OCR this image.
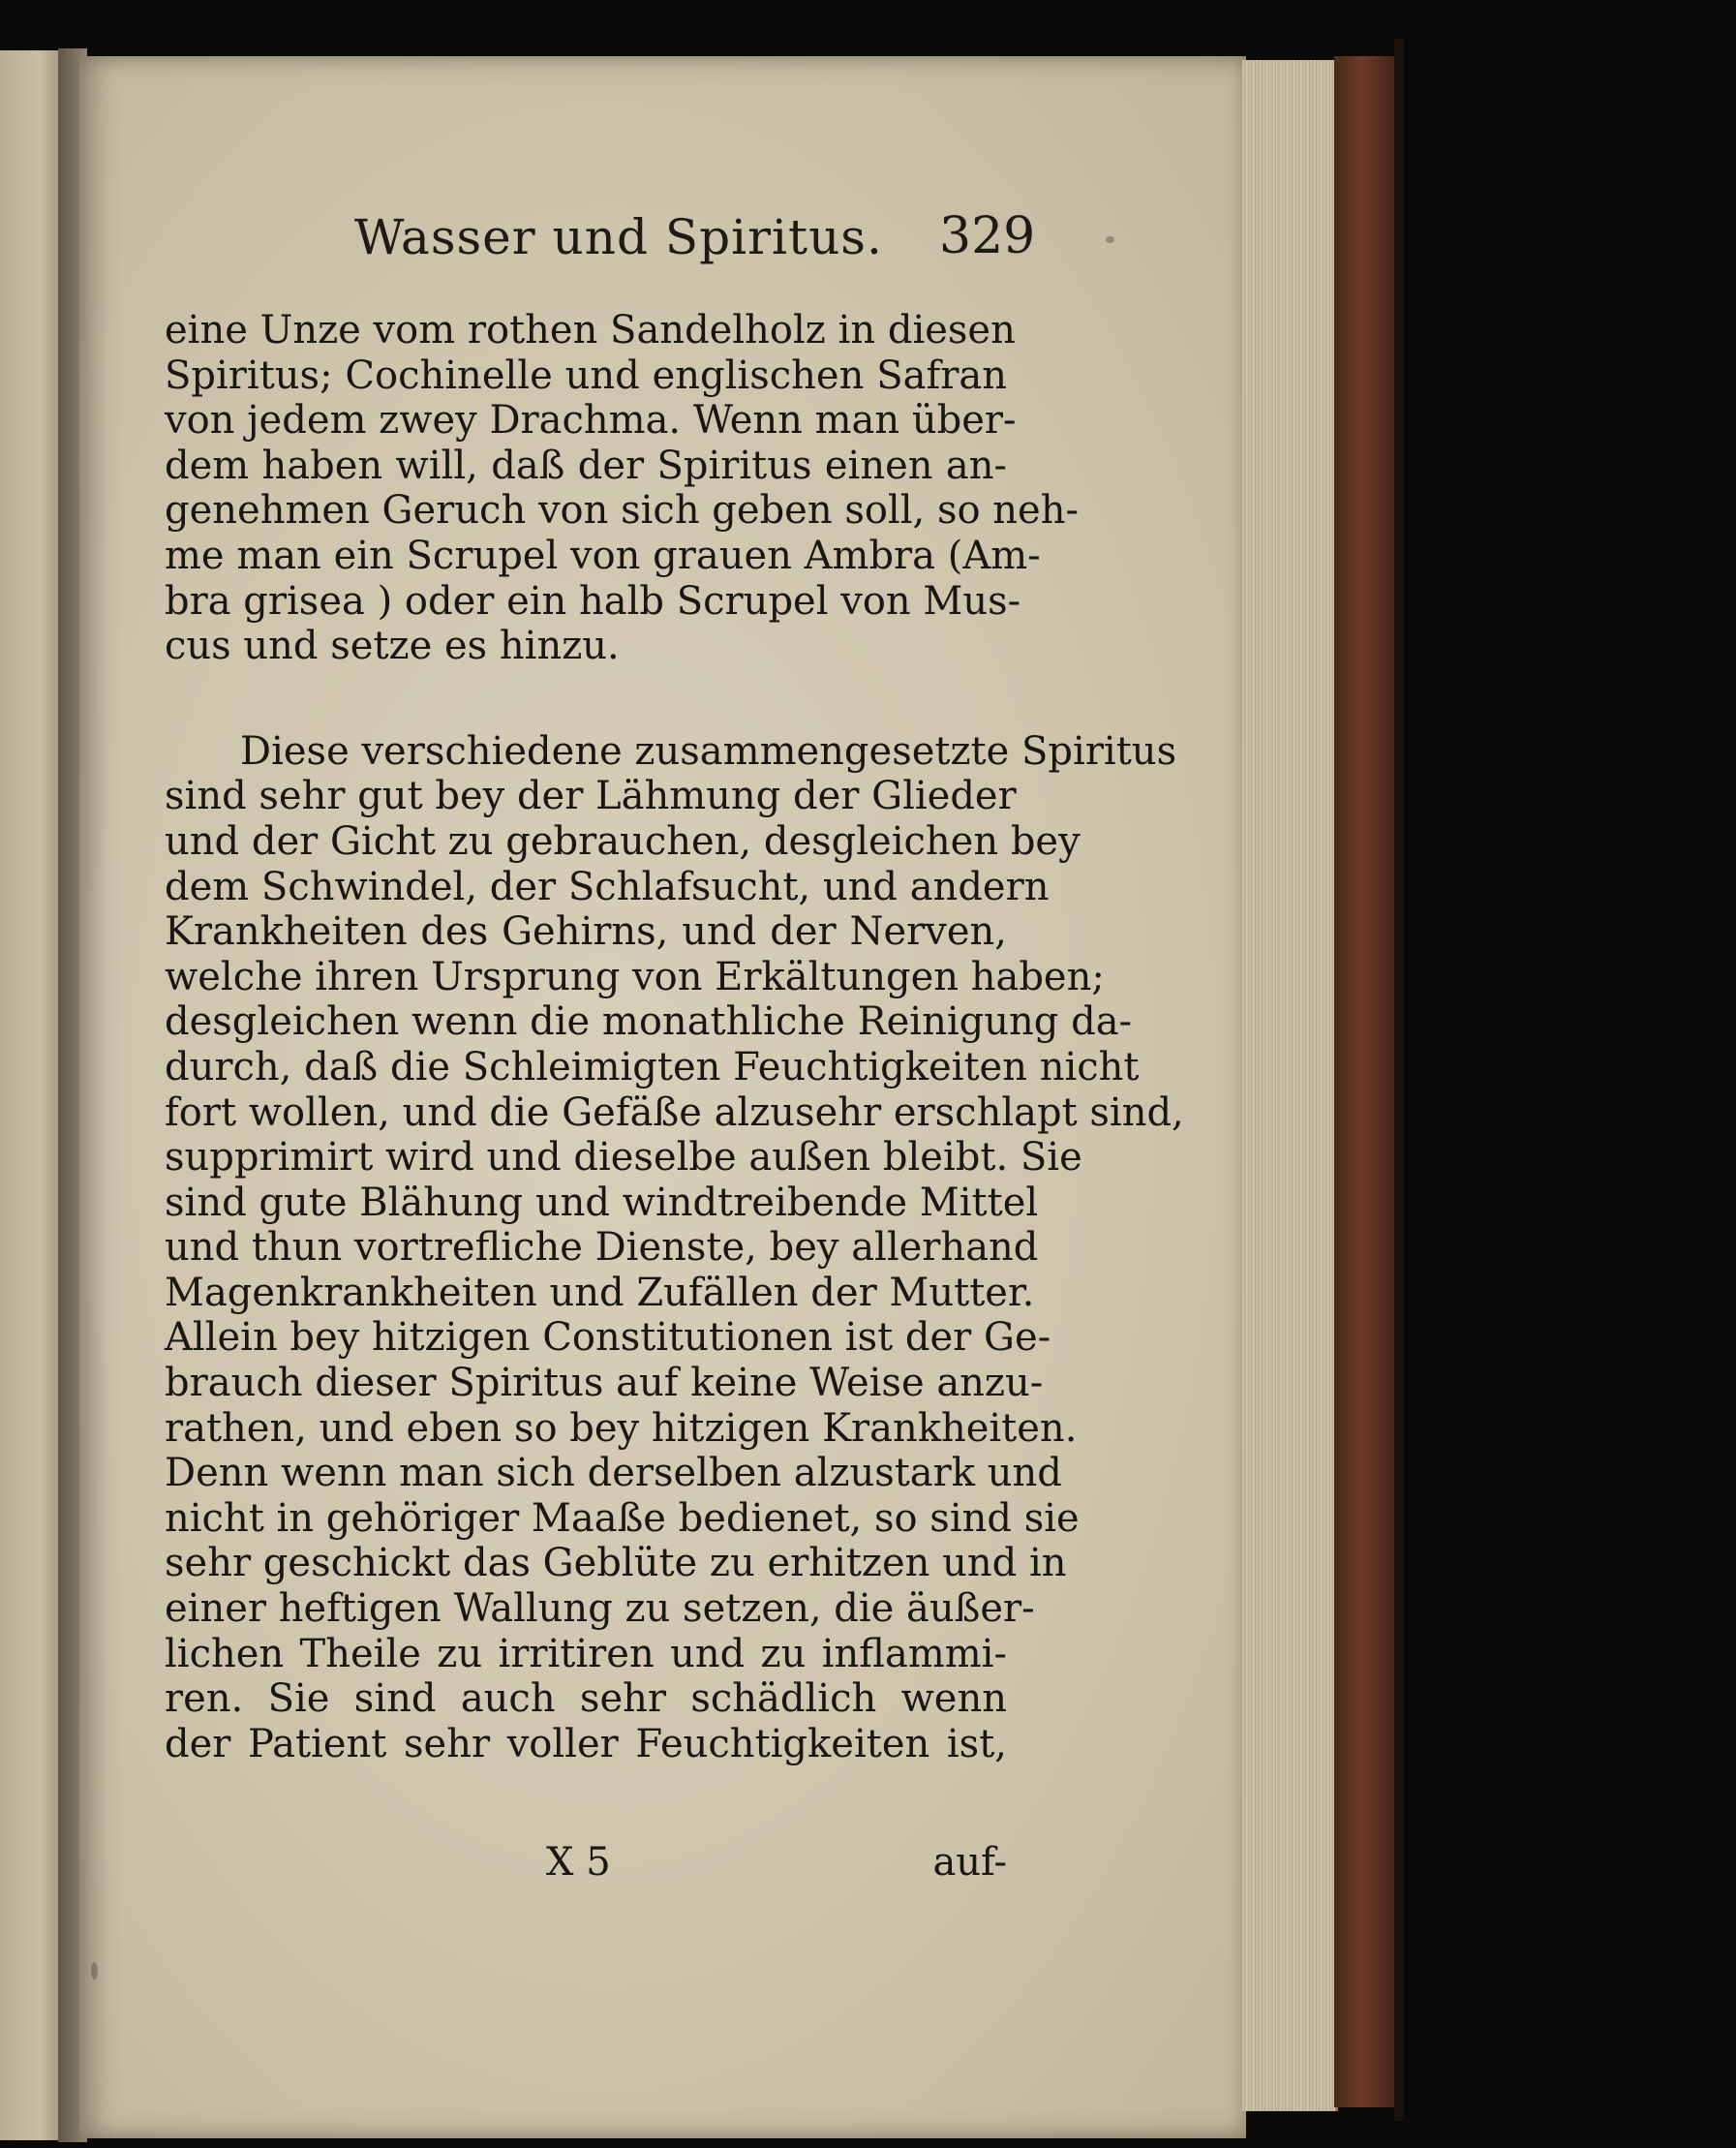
Wasser und Spiritus. 329
eine Unze vom rothen Sandelholz in diesen
Spiritus; Cochinelle und englischen Safran
von jedem zwey Drachma. Wenn man über-
dem haben will, daß der Spiritus einen an-
genehmen Geruch von sich geben soll, so neh-
me man ein Scrupel von grauen Ambra (Am-
bra grisea ) oder ein halb Scrupel von Mus-
cus und setze es hinzu.
Diese verschiedene zusammengesetzte Spiritus
sind sehr gut bey der Lähmung der Glieder
und der Gicht zu gebrauchen, desgleichen bey
dem Schwindel, der Schlafsucht, und andern
Krankheiten des Gehirns, und der Nerven,
welche ihren Ursprung von Erkältungen haben;
desgleichen wenn die monathliche Reinigung da-
durch, daß die Schleimigten Feuchtigkeiten nicht
fort wollen, und die Gefäße alzusehr erschlapt sind,
supprimirt wird und dieselbe außen bleibt. Sie
sind gute Blähung und windtreibende Mittel
und thun vortrefliche Dienste, bey allerhand
Magenkrankheiten und Zufällen der Mutter.
Allein bey hitzigen Constitutionen ist der Ge-
brauch dieser Spiritus auf keine Weise anzu-
rathen, und eben so bey hitzigen Krankheiten.
Denn wenn man sich derselben alzustark und
nicht in gehöriger Maaße bedienet, so sind sie
sehr geschickt das Geblüte zu erhitzen und in
einer heftigen Wallung zu setzen, die äußer-
lichen Theile zu irritiren und zu inflammi-
ren. Sie sind auch sehr schädlich wenn
der Patient sehr voller Feuchtigkeiten ist,
X 5	auf-
